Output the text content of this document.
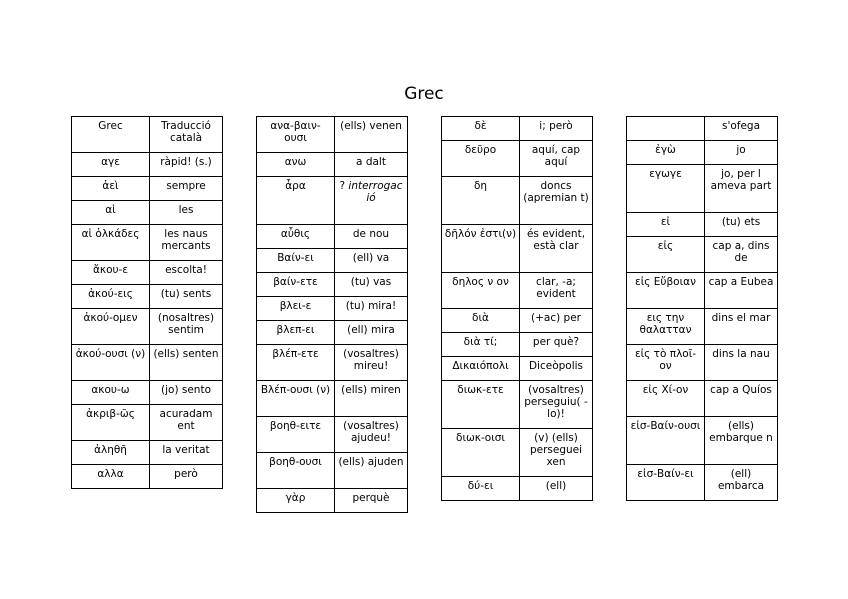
Grec
Grec	Traducció català
αγε	ràpid! (s.)
ἀεὶ	sempre
αἱ	les
αἱ ὁλκάδες	les naus mercants
ἄκου-ε	escolta!
ἀκού-εις	(tu) sents
ἀκού-ομεν	(nosaltres) sentim
ἀκού-ουσι (ν)	(ells) senten
ακου-ω	(jo) sento
ἀκριβ-ῶς	acuradam ent
ἀληθῆ	la veritat
αλλα	però
ανα-βαιν-ουσι	(ells) venen
ανω	a dalt
ἆρα	? interrogac ió
αὖθις	de nou
Βαίν-ει	(ell) va
βαίν-ετε	(tu) vas
βλει-ε	(tu) mira!
βλεπ-ει	(ell) mira
βλέπ-ετε	(vosaltres) mireu!
Βλέπ-ουσι (ν)	(ells) miren
βοηθ-ειτε	(vosaltres) ajudeu!
βοηθ-ουσι	(ells) ajuden
γὰρ	perquè
δὲ	i; però
δεῦρο	aquí, cap aquí
δη	doncs (apremian t)
δῆλόν ἐστι(ν)	és evident, està clar
δηλος ν ον	clar, -a; evident
διὰ	(+ac) per
διὰ τί;	per què?
Δικαιόπολι	Diceòpolis
διωκ-ετε	(vosaltres) perseguiu( -lo)!
διωκ-οισι	(v) (ells) perseguei xen
δύ-ει	(ell)
	s'ofega
ἐγὼ	jo
εγωγε	jo, per l ameva part
εἰ	(tu) ets
εἰς	cap a, dins de
εἰς Εὔβοιαν	cap a Eubea
εις την θαλατταν	dins el mar
εἰς τὸ πλοῖ-ον	dins la nau
εἰς Χί-ον	cap a Quíos
εἰσ-Βαίν-ουσι	(ells) embarque n
εἰσ-Βαίν-ει	(ell) embarca
